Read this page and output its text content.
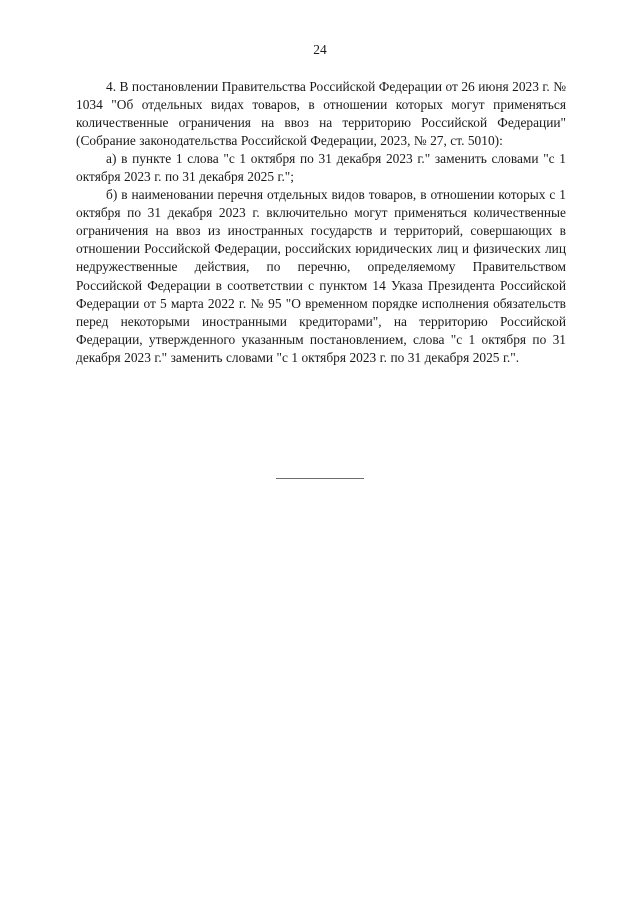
24

4. В постановлении Правительства Российской Федерации от 26 июня 2023 г. № 1034 "Об отдельных видах товаров, в отношении которых могут применяться количественные ограничения на ввоз на территорию Российской Федерации" (Собрание законодательства Российской Федерации, 2023, № 27, ст. 5010):

а) в пункте 1 слова "с 1 октября по 31 декабря 2023 г." заменить словами "с 1 октября 2023 г. по 31 декабря 2025 г.";

б) в наименовании перечня отдельных видов товаров, в отношении которых с 1 октября по 31 декабря 2023 г. включительно могут применяться количественные ограничения на ввоз из иностранных государств и территорий, совершающих в отношении Российской Федерации, российских юридических лиц и физических лиц недружественные действия, по перечню, определяемому Правительством Российской Федерации в соответствии с пунктом 14 Указа Президента Российской Федерации от 5 марта 2022 г. № 95 "О временном порядке исполнения обязательств перед некоторыми иностранными кредиторами", на территорию Российской Федерации, утвержденного указанным постановлением, слова "с 1 октября по 31 декабря 2023 г." заменить словами "с 1 октября 2023 г. по 31 декабря 2025 г.".
